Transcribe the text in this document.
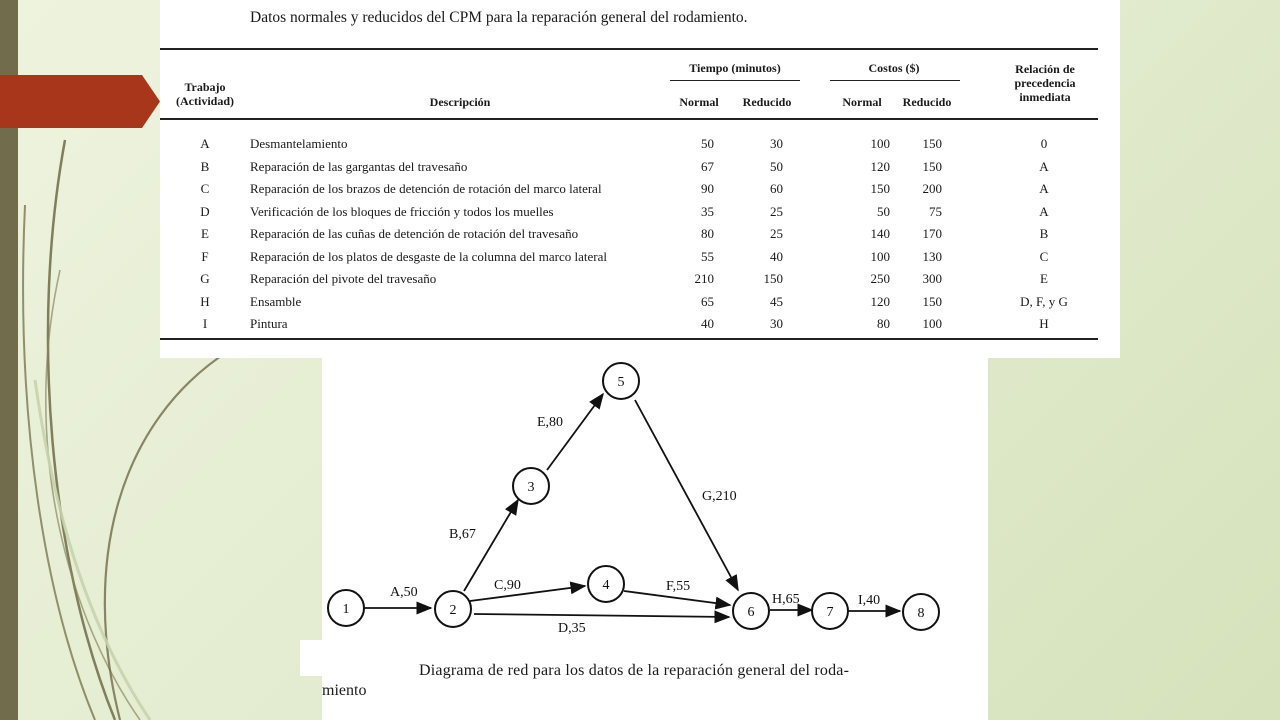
Datos normales y reducidos del CPM para la reparación general del rodamiento.
Trabajo
(Actividad)	Descripción
Tiempo (minutos)
Normal	Reducido
Costos ($)
Normal	Reducido
Relación de
precedencia
inmediata
A	Desmantelamiento	50	30	100	150	0
B	Reparación de las gargantas del travesaño	67	50	120	150	A
C	Reparación de los brazos de detención de rotación del marco lateral	90	60	150	200	A
D	Verificación de los bloques de fricción y todos los muelles	35	25	50	75	A
E	Reparación de las cuñas de detención de rotación del travesaño	80	25	140	170	B
F	Reparación de los platos de desgaste de la columna del marco lateral	55	40	100	130	C
G	Reparación del pivote del travesaño	210	150	250	300	E
H	Ensamble	65	45	120	150	D, F, y G
I	Pintura	40	30	80	100	H
A,50
B,67
C,90
D,35
E,80
F,55
G,210
H,65	I,40
1	2
3
4
5
6	7	8
Diagrama de red para los datos de la reparación general del roda-
miento
